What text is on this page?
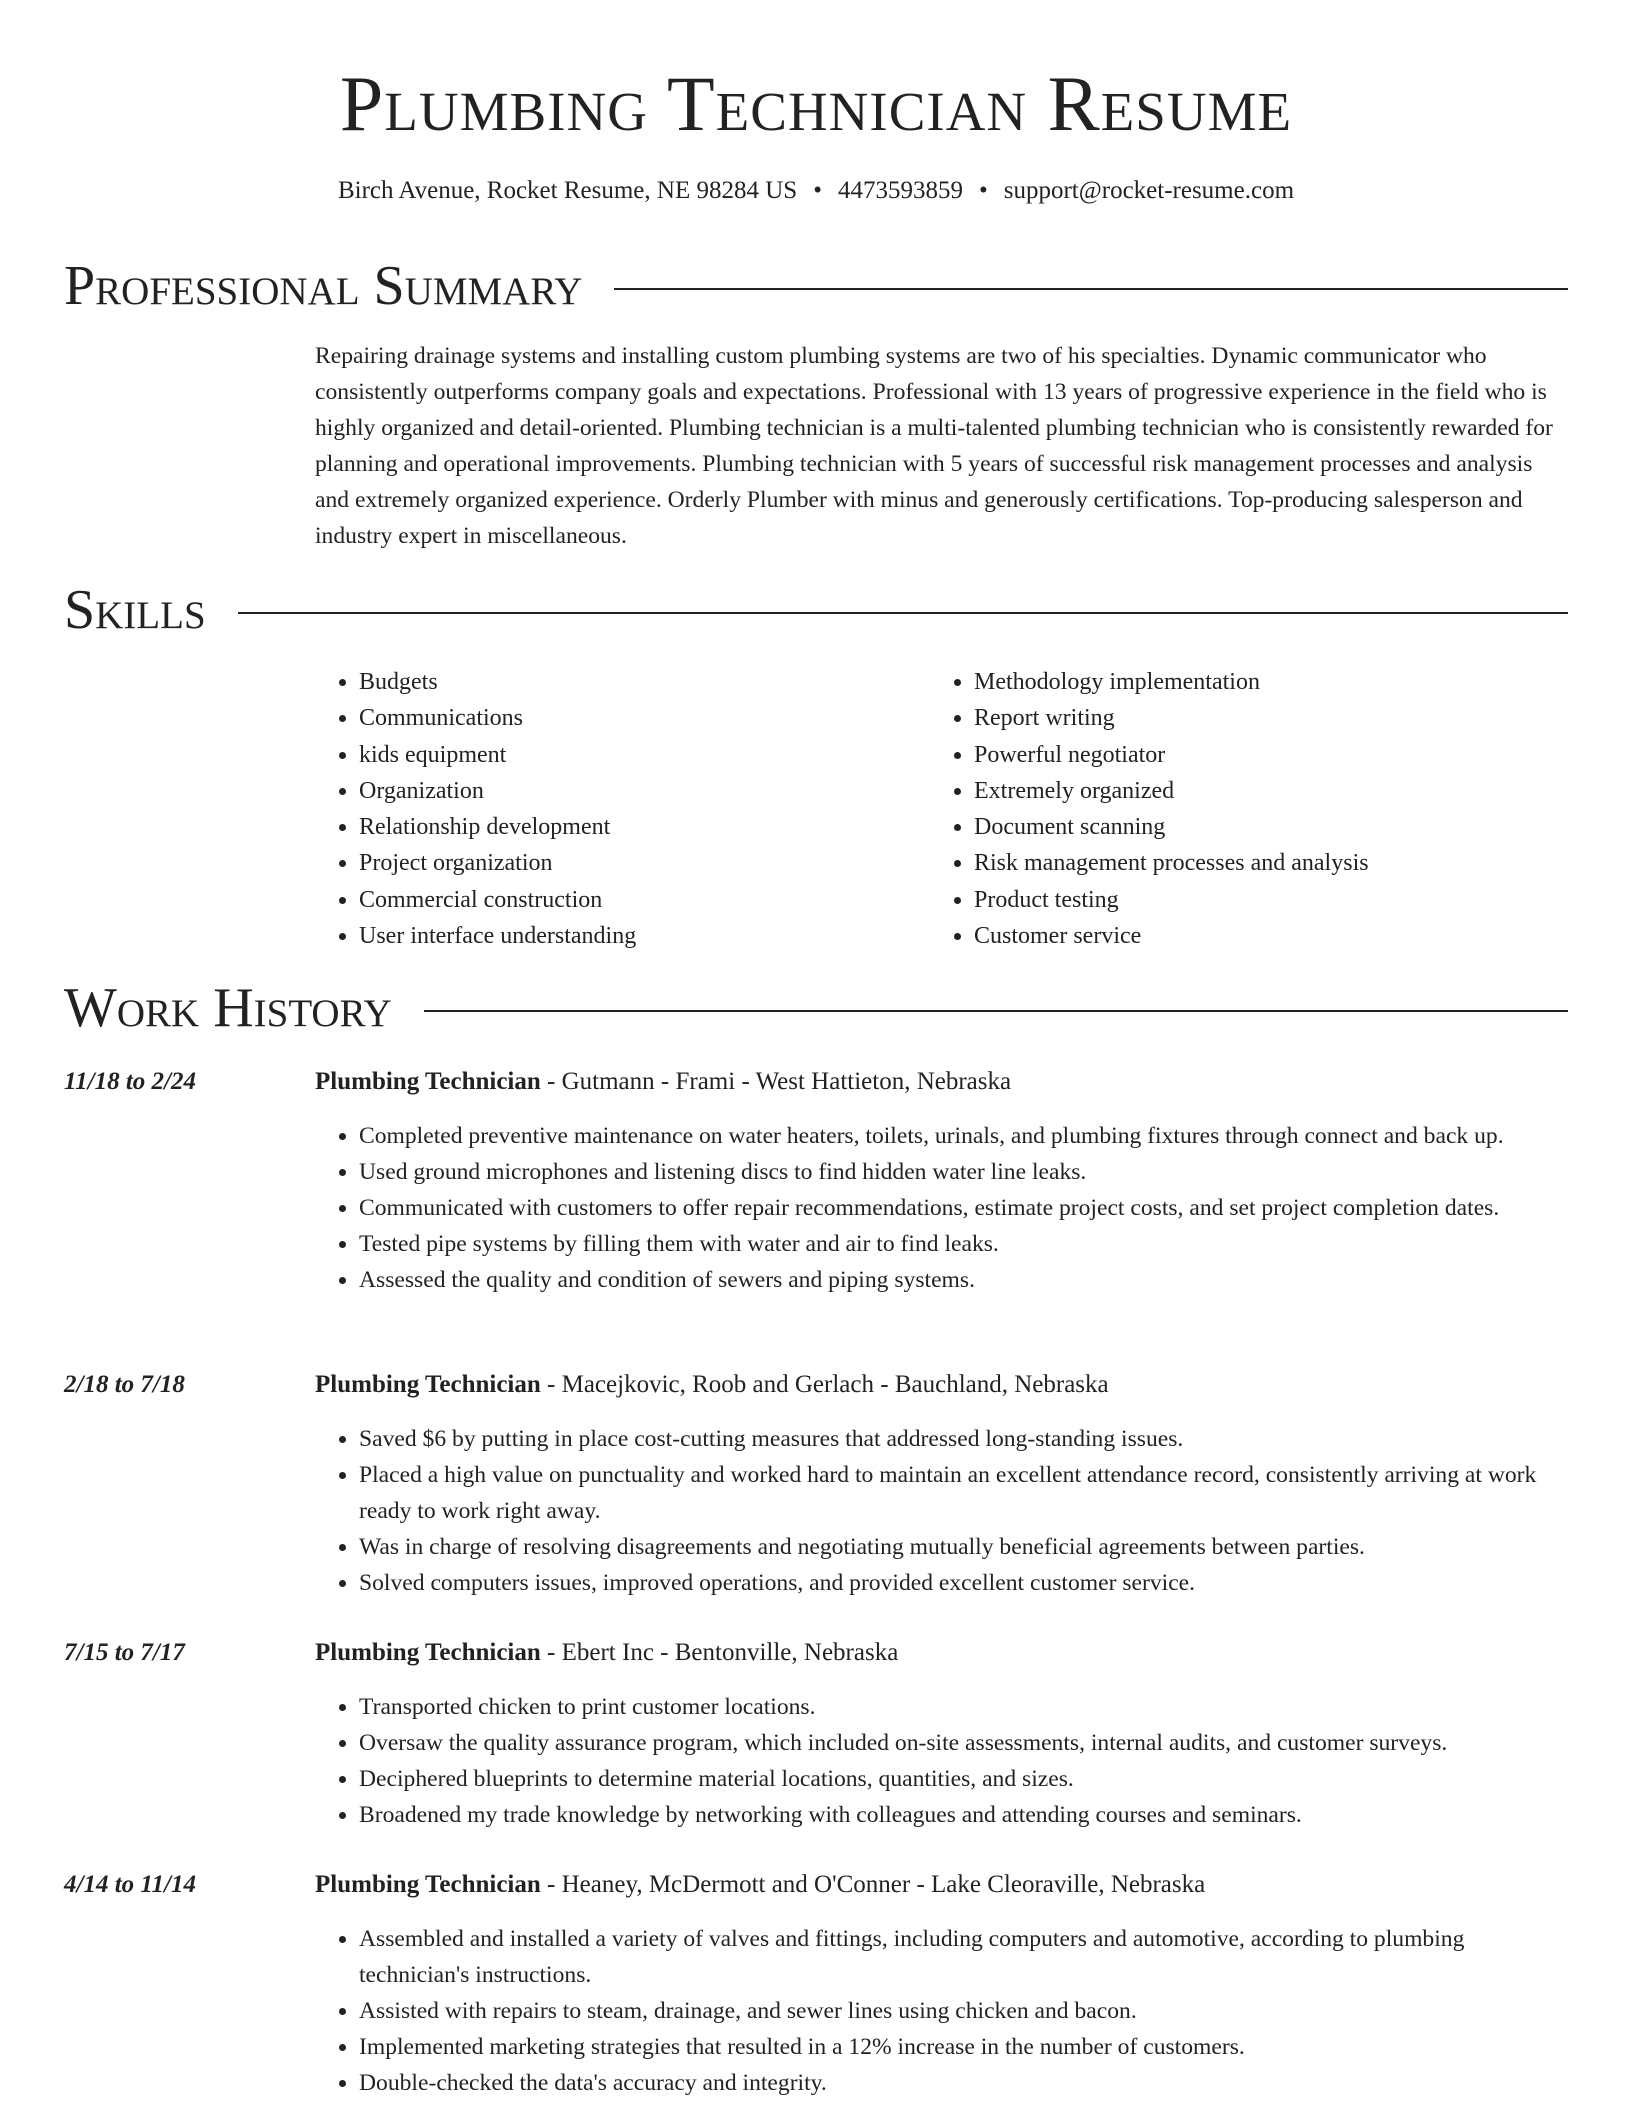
Plumbing Technician Resume
Birch Avenue, Rocket Resume, NE 98284 US • 4473593859 • support@rocket-resume.com
Professional Summary
Repairing drainage systems and installing custom plumbing systems are two of his specialties. Dynamic communicator who consistently outperforms company goals and expectations. Professional with 13 years of progressive experience in the field who is highly organized and detail-oriented. Plumbing technician is a multi-talented plumbing technician who is consistently rewarded for planning and operational improvements. Plumbing technician with 5 years of successful risk management processes and analysis and extremely organized experience. Orderly Plumber with minus and generously certifications. Top-producing salesperson and industry expert in miscellaneous.
Skills
• Budgets
• Communications
• kids equipment
• Organization
• Relationship development
• Project organization
• Commercial construction
• User interface understanding
• Methodology implementation
• Report writing
• Powerful negotiator
• Extremely organized
• Document scanning
• Risk management processes and analysis
• Product testing
• Customer service
Work History
11/18 to 2/24	Plumbing Technician - Gutmann - Frami - West Hattieton, Nebraska
• Completed preventive maintenance on water heaters, toilets, urinals, and plumbing fixtures through connect and back up.
• Used ground microphones and listening discs to find hidden water line leaks.
• Communicated with customers to offer repair recommendations, estimate project costs, and set project completion dates.
• Tested pipe systems by filling them with water and air to find leaks.
• Assessed the quality and condition of sewers and piping systems.
2/18 to 7/18	Plumbing Technician - Macejkovic, Roob and Gerlach - Bauchland, Nebraska
• Saved $6 by putting in place cost-cutting measures that addressed long-standing issues.
• Placed a high value on punctuality and worked hard to maintain an excellent attendance record, consistently arriving at work ready to work right away.
• Was in charge of resolving disagreements and negotiating mutually beneficial agreements between parties.
• Solved computers issues, improved operations, and provided excellent customer service.
7/15 to 7/17	Plumbing Technician - Ebert Inc - Bentonville, Nebraska
• Transported chicken to print customer locations.
• Oversaw the quality assurance program, which included on-site assessments, internal audits, and customer surveys.
• Deciphered blueprints to determine material locations, quantities, and sizes.
• Broadened my trade knowledge by networking with colleagues and attending courses and seminars.
4/14 to 11/14	Plumbing Technician - Heaney, McDermott and O'Conner - Lake Cleoraville, Nebraska
• Assembled and installed a variety of valves and fittings, including computers and automotive, according to plumbing technician's instructions.
• Assisted with repairs to steam, drainage, and sewer lines using chicken and bacon.
• Implemented marketing strategies that resulted in a 12% increase in the number of customers.
• Double-checked the data's accuracy and integrity.
